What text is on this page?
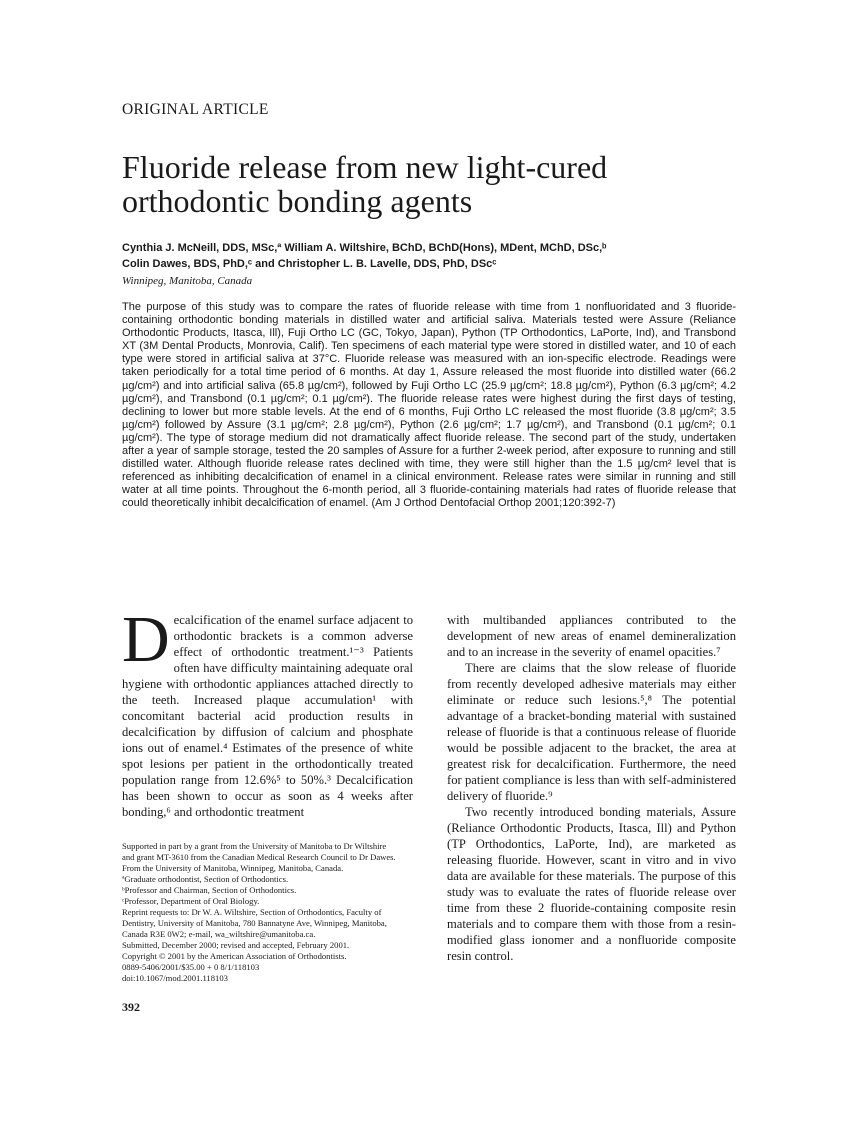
ORIGINAL ARTICLE
Fluoride release from new light-cured orthodontic bonding agents
Cynthia J. McNeill, DDS, MSc,ª William A. Wiltshire, BChD, BChD(Hons), MDent, MChD, DSc,ᵇ
Colin Dawes, BDS, PhD,ᶜ and Christopher L. B. Lavelle, DDS, PhD, DScᶜ
Winnipeg, Manitoba, Canada
The purpose of this study was to compare the rates of fluoride release with time from 1 nonfluoridated and 3 fluoride-containing orthodontic bonding materials in distilled water and artificial saliva. Materials tested were Assure (Reliance Orthodontic Products, Itasca, Ill), Fuji Ortho LC (GC, Tokyo, Japan), Python (TP Orthodontics, LaPorte, Ind), and Transbond XT (3M Dental Products, Monrovia, Calif). Ten specimens of each material type were stored in distilled water, and 10 of each type were stored in artificial saliva at 37°C. Fluoride release was measured with an ion-specific electrode. Readings were taken periodically for a total time period of 6 months. At day 1, Assure released the most fluoride into distilled water (66.2 µg/cm²) and into artificial saliva (65.8 µg/cm²), followed by Fuji Ortho LC (25.9 µg/cm²; 18.8 µg/cm²), Python (6.3 µg/cm²; 4.2 µg/cm²), and Transbond (0.1 µg/cm²; 0.1 µg/cm²). The fluoride release rates were highest during the first days of testing, declining to lower but more stable levels. At the end of 6 months, Fuji Ortho LC released the most fluoride (3.8 µg/cm²; 3.5 µg/cm²) followed by Assure (3.1 µg/cm²; 2.8 µg/cm²), Python (2.6 µg/cm²; 1.7 µg/cm²), and Transbond (0.1 µg/cm²; 0.1 µg/cm²). The type of storage medium did not dramatically affect fluoride release. The second part of the study, undertaken after a year of sample storage, tested the 20 samples of Assure for a further 2-week period, after exposure to running and still distilled water. Although fluoride release rates declined with time, they were still higher than the 1.5 µg/cm² level that is referenced as inhibiting decalcification of enamel in a clinical environment. Release rates were similar in running and still water at all time points. Throughout the 6-month period, all 3 fluoride-containing materials had rates of fluoride release that could theoretically inhibit decalcification of enamel. (Am J Orthod Dentofacial Orthop 2001;120:392-7)

Decalcification of the enamel surface adjacent to orthodontic brackets is a common adverse effect of orthodontic treatment.¹⁻³ Patients often have difficulty maintaining adequate oral hygiene with orthodontic appliances attached directly to the teeth. Increased plaque accumulation¹ with concomitant bacterial acid production results in decalcification by diffusion of calcium and phosphate ions out of enamel.⁴ Estimates of the presence of white spot lesions per patient in the orthodontically treated population range from 12.6%⁵ to 50%.³ Decalcification has been shown to occur as soon as 4 weeks after bonding,⁶ and orthodontic treatment

with multibanded appliances contributed to the development of new areas of enamel demineralization and to an increase in the severity of enamel opacities.⁷

There are claims that the slow release of fluoride from recently developed adhesive materials may either eliminate or reduce such lesions.⁵,⁸ The potential advantage of a bracket-bonding material with sustained release of fluoride is that a continuous release of fluoride would be possible adjacent to the bracket, the area at greatest risk for decalcification. Furthermore, the need for patient compliance is less than with self-administered delivery of fluoride.⁹

Two recently introduced bonding materials, Assure (Reliance Orthodontic Products, Itasca, Ill) and Python (TP Orthodontics, LaPorte, Ind), are marketed as releasing fluoride. However, scant in vitro and in vivo data are available for these materials. The purpose of this study was to evaluate the rates of fluoride release over time from these 2 fluoride-containing composite resin materials and to compare them with those from a resin-modified glass ionomer and a nonfluoride composite resin control.

Supported in part by a grant from the University of Manitoba to Dr Wiltshire
and grant MT-3610 from the Canadian Medical Research Council to Dr Dawes.
From the University of Manitoba, Winnipeg, Manitoba, Canada.
ªGraduate orthodontist, Section of Orthodontics.
ᵇProfessor and Chairman, Section of Orthodontics.
ᶜProfessor, Department of Oral Biology.
Reprint requests to: Dr W. A. Wiltshire, Section of Orthodontics, Faculty of
Dentistry, University of Manitoba, 780 Bannatyne Ave, Winnipeg, Manitoba,
Canada R3E 0W2; e-mail, wa_wiltshire@umanitoba.ca.
Submitted, December 2000; revised and accepted, February 2001.
Copyright © 2001 by the American Association of Orthodontists.
0889-5406/2001/$35.00 + 0 8/1/118103
doi:10.1067/mod.2001.118103
392
